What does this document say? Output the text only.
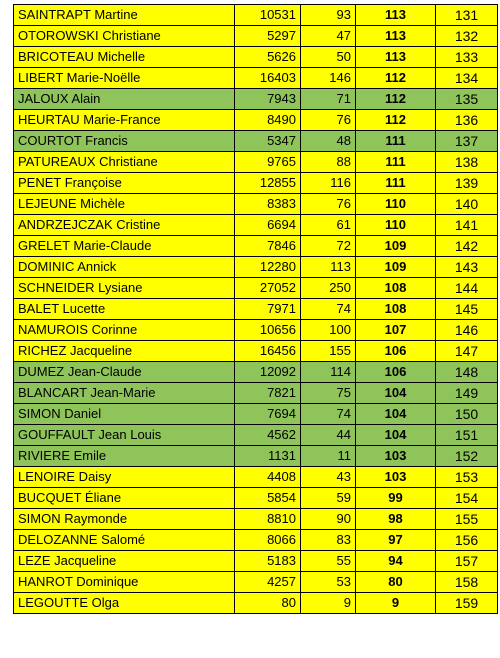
SAINTRAPT Martine	10531	93	113	131
OTOROWSKI Christiane	5297	47	113	132
BRICOTEAU Michelle	5626	50	113	133
LIBERT Marie-Noëlle	16403	146	112	134
JALOUX Alain	7943	71	112	135
HEURTAU Marie-France	8490	76	112	136
COURTOT Francis	5347	48	111	137
PATUREAUX Christiane	9765	88	111	138
PENET Françoise	12855	116	111	139
LEJEUNE Michèle	8383	76	110	140
ANDRZEJCZAK Cristine	6694	61	110	141
GRELET Marie-Claude	7846	72	109	142
DOMINIC Annick	12280	113	109	143
SCHNEIDER Lysiane	27052	250	108	144
BALET Lucette	7971	74	108	145
NAMUROIS Corinne	10656	100	107	146
RICHEZ Jacqueline	16456	155	106	147
DUMEZ Jean-Claude	12092	114	106	148
BLANCART Jean-Marie	7821	75	104	149
SIMON Daniel	7694	74	104	150
GOUFFAULT Jean Louis	4562	44	104	151
RIVIERE Emile	1131	11	103	152
LENOIRE Daisy	4408	43	103	153
BUCQUET Éliane	5854	59	99	154
SIMON Raymonde	8810	90	98	155
DELOZANNE Salomé	8066	83	97	156
LEZE Jacqueline	5183	55	94	157
HANROT Dominique	4257	53	80	158
LEGOUTTE Olga	80	9	9	159
